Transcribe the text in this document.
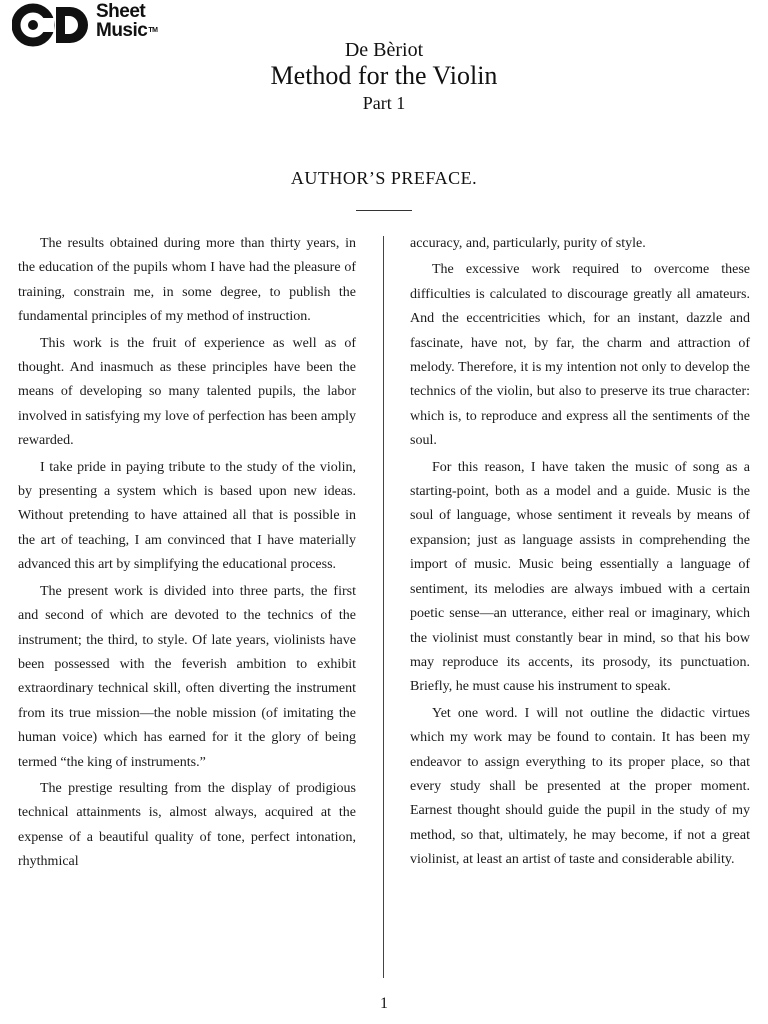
Sheet
Music™
De Bèriot
Method for the Violin
Part 1
AUTHOR’S PREFACE.

The results obtained during more than thirty years, in the education of the pupils whom I have had the pleasure of training, constrain me, in some degree, to publish the fundamental principles of my method of instruction.

This work is the fruit of experience as well as of thought. And inasmuch as these principles have been the means of developing so many talented pupils, the labor involved in satisfying my love of perfection has been amply rewarded.

I take pride in paying tribute to the study of the violin, by presenting a system which is based upon new ideas. Without pretending to have attained all that is possible in the art of teaching, I am convinced that I have materially advanced this art by simplifying the educational process.

The present work is divided into three parts, the first and second of which are devoted to the technics of the instrument; the third, to style. Of late years, violinists have been possessed with the feverish ambition to exhibit extraordinary technical skill, often diverting the instrument from its true mission—the noble mission (of imitating the human voice) which has earned for it the glory of being termed “the king of instruments.”

The prestige resulting from the display of prodigious technical attainments is, almost always, acquired at the expense of a beautiful quality of tone, perfect intonation, rhythmical

accuracy, and, particularly, purity of style.

The excessive work required to overcome these difficulties is calculated to discourage greatly all amateurs. And the eccentricities which, for an instant, dazzle and fascinate, have not, by far, the charm and attraction of melody. Therefore, it is my intention not only to develop the technics of the violin, but also to preserve its true character: which is, to reproduce and express all the sentiments of the soul.

For this reason, I have taken the music of song as a starting-point, both as a model and a guide. Music is the soul of language, whose sentiment it reveals by means of expansion; just as language assists in comprehending the import of music. Music being essentially a language of sentiment, its melodies are always imbued with a certain poetic sense—an utterance, either real or imaginary, which the violinist must constantly bear in mind, so that his bow may reproduce its accents, its prosody, its punctuation. Briefly, he must cause his instrument to speak.

Yet one word. I will not outline the didactic virtues which my work may be found to contain. It has been my endeavor to assign everything to its proper place, so that every study shall be presented at the proper moment. Earnest thought should guide the pupil in the study of my method, so that, ultimately, he may become, if not a great violinist, at least an artist of taste and considerable ability.

1
